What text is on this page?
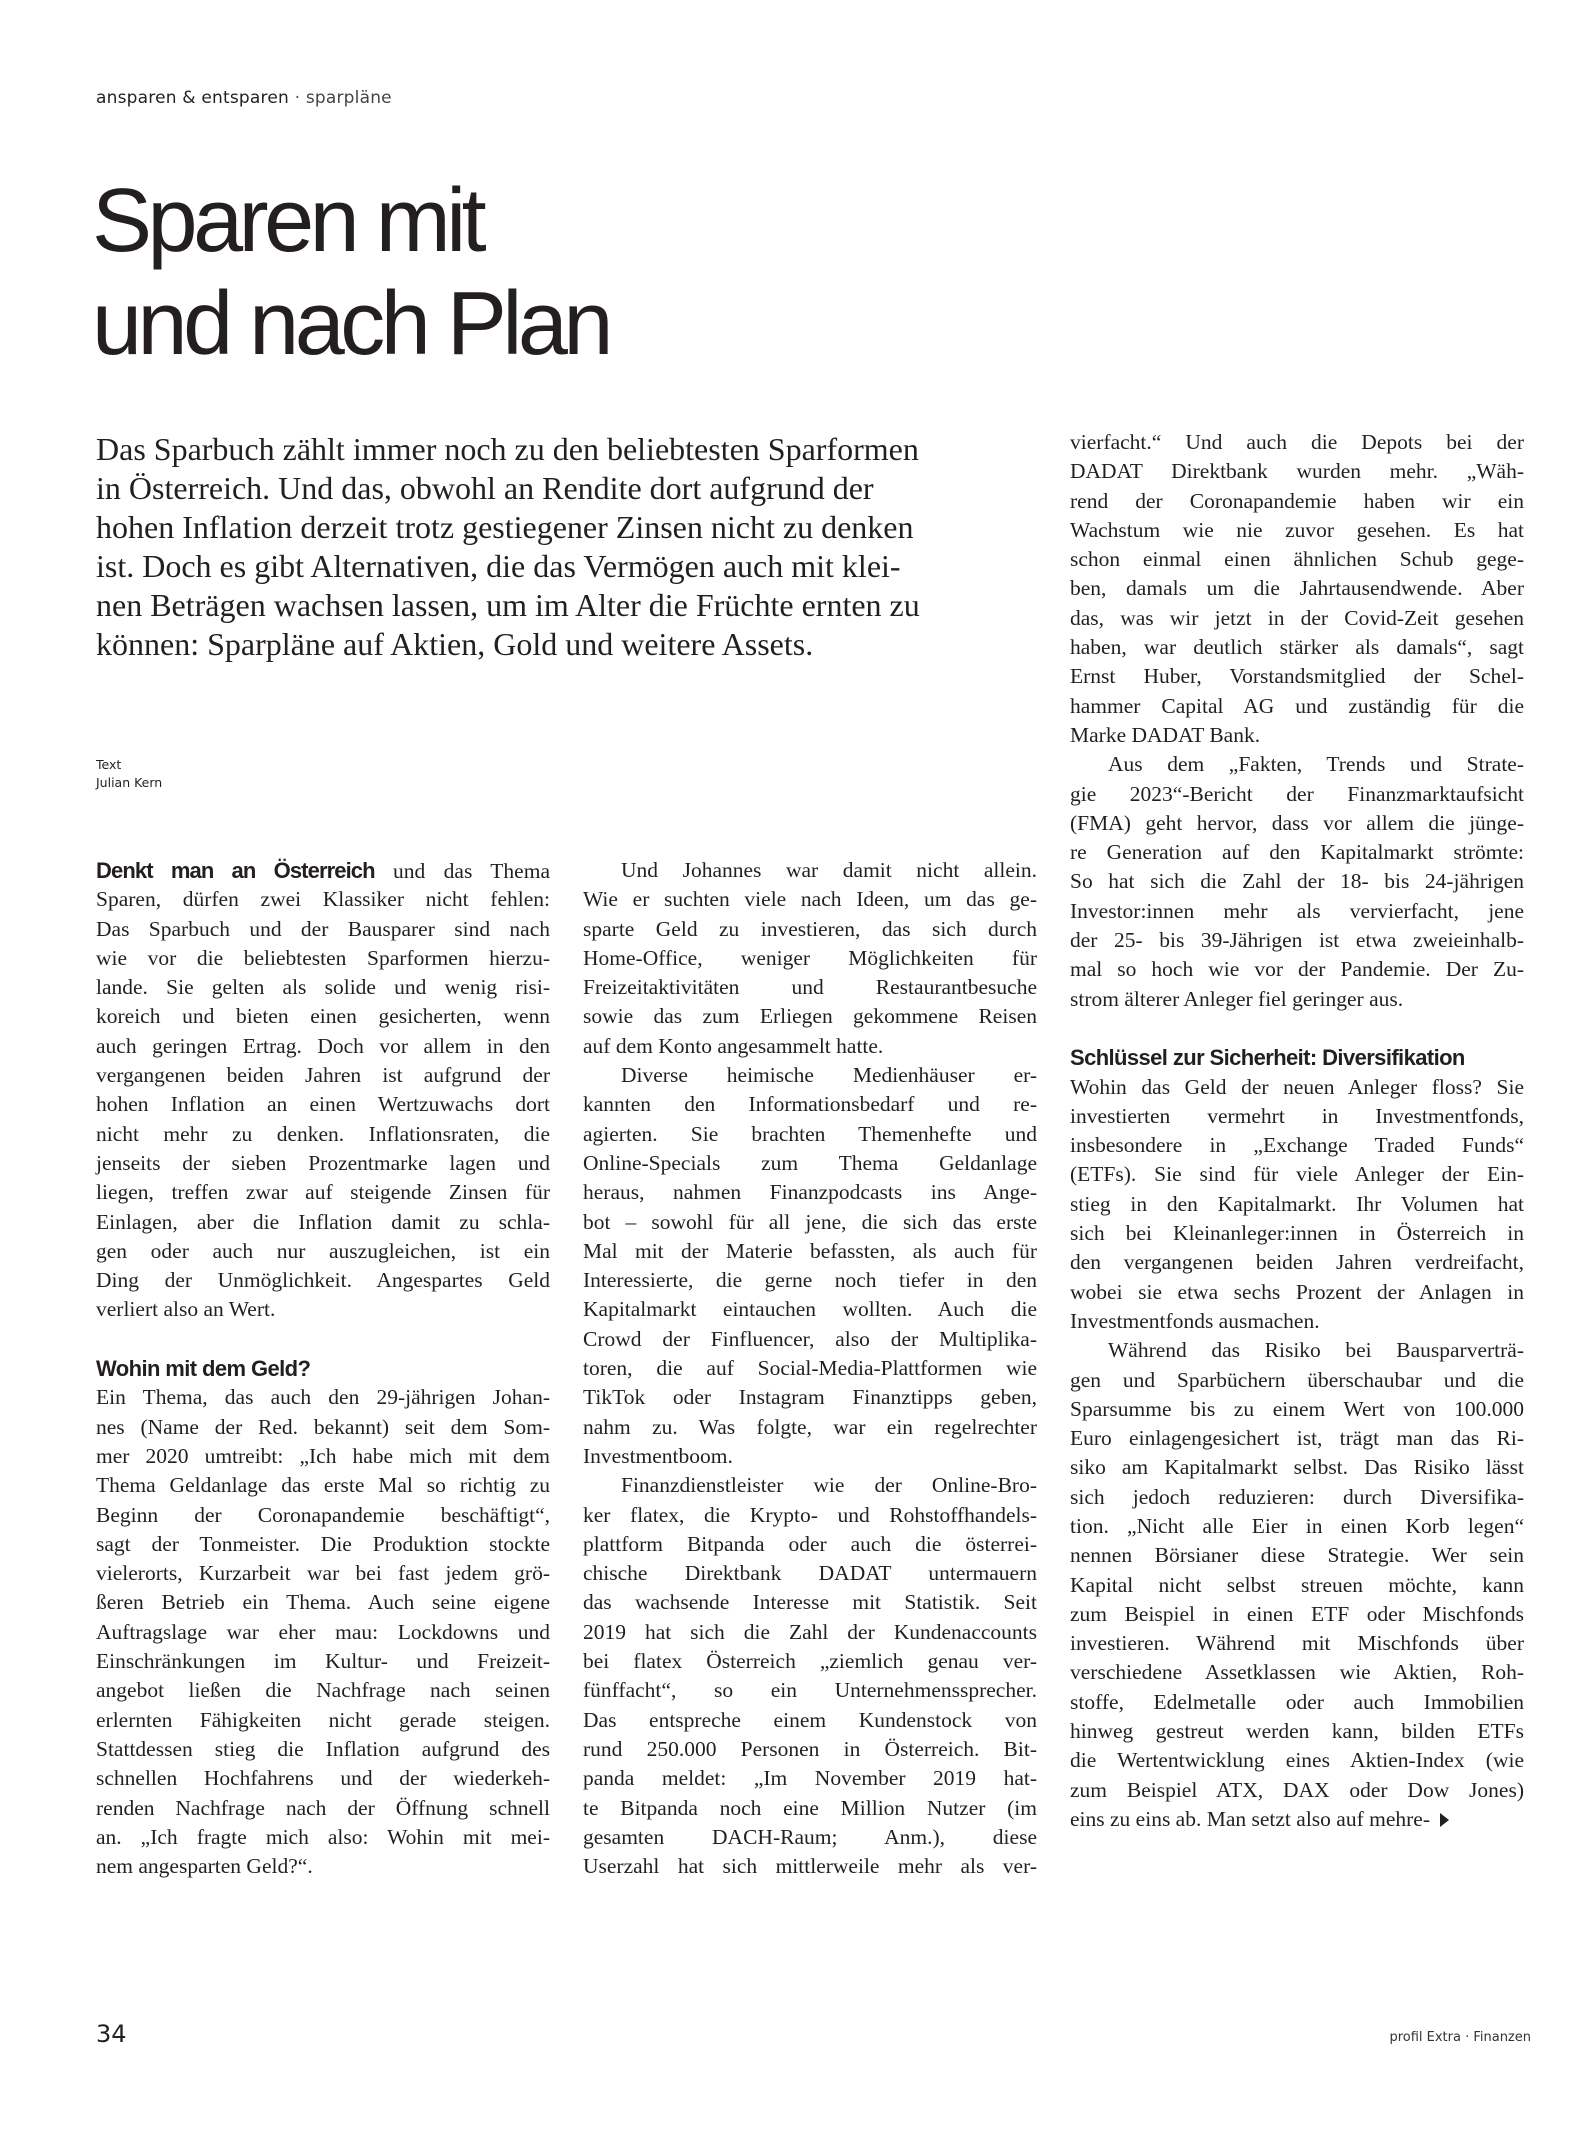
ansparen & entsparen · sparpläne
Sparen mit
und nach Plan
Das Sparbuch zählt immer noch zu den beliebtesten Sparformen
in Österreich. Und das, obwohl an Rendite dort aufgrund der
hohen Inflation derzeit trotz gestiegener Zinsen nicht zu denken
ist. Doch es gibt Alternativen, die das Vermögen auch mit klei-
nen Beträgen wachsen lassen, um im Alter die Früchte ernten zu
können: Sparpläne auf Aktien, Gold und weitere Assets.
Text
Julian Kern
Denkt man an Österreich und das Thema
Sparen, dürfen zwei Klassiker nicht fehlen:
Das Sparbuch und der Bausparer sind nach
wie vor die beliebtesten Sparformen hierzu-
lande. Sie gelten als solide und wenig risi-
koreich und bieten einen gesicherten, wenn
auch geringen Ertrag. Doch vor allem in den
vergangenen beiden Jahren ist aufgrund der
hohen Inflation an einen Wertzuwachs dort
nicht mehr zu denken. Inflationsraten, die
jenseits der sieben Prozentmarke lagen und
liegen, treffen zwar auf steigende Zinsen für
Einlagen, aber die Inflation damit zu schla-
gen oder auch nur auszugleichen, ist ein
Ding der Unmöglichkeit. Angespartes Geld
verliert also an Wert.
Wohin mit dem Geld?
Ein Thema, das auch den 29-jährigen Johan-
nes (Name der Red. bekannt) seit dem Som-
mer 2020 umtreibt: „Ich habe mich mit dem
Thema Geldanlage das erste Mal so richtig zu
Beginn der Coronapandemie beschäftigt“,
sagt der Tonmeister. Die Produktion stockte
vielerorts, Kurzarbeit war bei fast jedem grö-
ßeren Betrieb ein Thema. Auch seine eigene
Auftragslage war eher mau: Lockdowns und
Einschränkungen im Kultur- und Freizeit-
angebot ließen die Nachfrage nach seinen
erlernten Fähigkeiten nicht gerade steigen.
Stattdessen stieg die Inflation aufgrund des
schnellen Hochfahrens und der wiederkeh-
renden Nachfrage nach der Öffnung schnell
an. „Ich fragte mich also: Wohin mit mei-
nem angesparten Geld?“.
Und Johannes war damit nicht allein.
Wie er suchten viele nach Ideen, um das ge-
sparte Geld zu investieren, das sich durch
Home-Office, weniger Möglichkeiten für
Freizeitaktivitäten und Restaurantbesuche
sowie das zum Erliegen gekommene Reisen
auf dem Konto angesammelt hatte.
Diverse heimische Medienhäuser er-
kannten den Informationsbedarf und re-
agierten. Sie brachten Themenhefte und
Online-Specials zum Thema Geldanlage
heraus, nahmen Finanzpodcasts ins Ange-
bot – sowohl für all jene, die sich das erste
Mal mit der Materie befassten, als auch für
Interessierte, die gerne noch tiefer in den
Kapitalmarkt eintauchen wollten. Auch die
Crowd der Finfluencer, also der Multiplika-
toren, die auf Social-Media-Plattformen wie
TikTok oder Instagram Finanztipps geben,
nahm zu. Was folgte, war ein regelrechter
Investmentboom.
Finanzdienstleister wie der Online-Bro-
ker flatex, die Krypto- und Rohstoffhandels-
plattform Bitpanda oder auch die österrei-
chische Direktbank DADAT untermauern
das wachsende Interesse mit Statistik. Seit
2019 hat sich die Zahl der Kundenaccounts
bei flatex Österreich „ziemlich genau ver-
fünffacht“, so ein Unternehmenssprecher.
Das entspreche einem Kundenstock von
rund 250.000 Personen in Österreich. Bit-
panda meldet: „Im November 2019 hat-
te Bitpanda noch eine Million Nutzer (im
gesamten DACH-Raum; Anm.), diese
Userzahl hat sich mittlerweile mehr als ver-
vierfacht.“ Und auch die Depots bei der
DADAT Direktbank wurden mehr. „Wäh-
rend der Coronapandemie haben wir ein
Wachstum wie nie zuvor gesehen. Es hat
schon einmal einen ähnlichen Schub gege-
ben, damals um die Jahrtausendwende. Aber
das, was wir jetzt in der Covid-Zeit gesehen
haben, war deutlich stärker als damals“, sagt
Ernst Huber, Vorstandsmitglied der Schel-
hammer Capital AG und zuständig für die
Marke DADAT Bank.
Aus dem „Fakten, Trends und Strate-
gie 2023“-Bericht der Finanzmarktaufsicht
(FMA) geht hervor, dass vor allem die jünge-
re Generation auf den Kapitalmarkt strömte:
So hat sich die Zahl der 18- bis 24-jährigen
Investor:innen mehr als vervierfacht, jene
der 25- bis 39-Jährigen ist etwa zweieinhalb-
mal so hoch wie vor der Pandemie. Der Zu-
strom älterer Anleger fiel geringer aus.
Schlüssel zur Sicherheit: Diversifikation
Wohin das Geld der neuen Anleger floss? Sie
investierten vermehrt in Investmentfonds,
insbesondere in „Exchange Traded Funds“
(ETFs). Sie sind für viele Anleger der Ein-
stieg in den Kapitalmarkt. Ihr Volumen hat
sich bei Kleinanleger:innen in Österreich in
den vergangenen beiden Jahren verdreifacht,
wobei sie etwa sechs Prozent der Anlagen in
Investmentfonds ausmachen.
Während das Risiko bei Bausparverträ-
gen und Sparbüchern überschaubar und die
Sparsumme bis zu einem Wert von 100.000
Euro einlagengesichert ist, trägt man das Ri-
siko am Kapitalmarkt selbst. Das Risiko lässt
sich jedoch reduzieren: durch Diversifika-
tion. „Nicht alle Eier in einen Korb legen“
nennen Börsianer diese Strategie. Wer sein
Kapital nicht selbst streuen möchte, kann
zum Beispiel in einen ETF oder Mischfonds
investieren. Während mit Mischfonds über
verschiedene Assetklassen wie Aktien, Roh-
stoffe, Edelmetalle oder auch Immobilien
hinweg gestreut werden kann, bilden ETFs
die Wertentwicklung eines Aktien-Index (wie
zum Beispiel ATX, DAX oder Dow Jones)
eins zu eins ab. Man setzt also auf mehre-
34	profil Extra · Finanzen
